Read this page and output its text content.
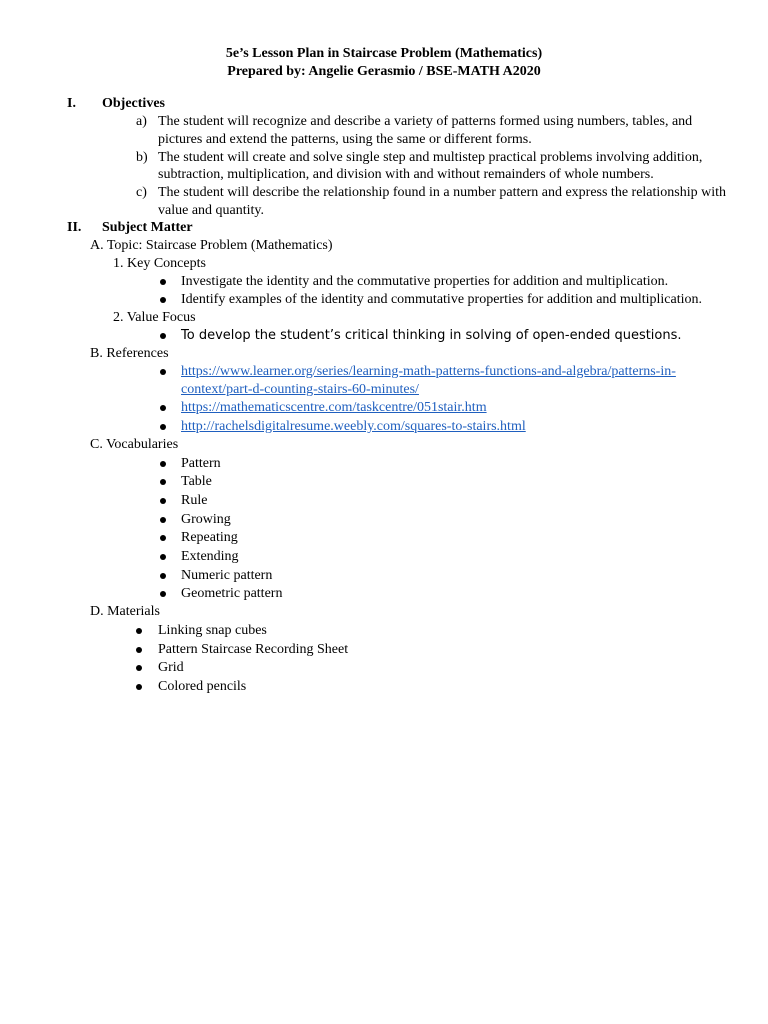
5e’s Lesson Plan in Staircase Problem (Mathematics)
Prepared by: Angelie Gerasmio / BSE-MATH A2020
I. Objectives
a) The student will recognize and describe a variety of patterns formed using numbers, tables, and
pictures and extend the patterns, using the same or different forms.
b) The student will create and solve single step and multistep practical problems involving addition,
subtraction, multiplication, and division with and without remainders of whole numbers.
c) The student will describe the relationship found in a number pattern and express the relationship with
value and quantity.
II. Subject Matter
A. Topic: Staircase Problem (Mathematics)
1. Key Concepts
Investigate the identity and the commutative properties for addition and multiplication.
Identify examples of the identity and commutative properties for addition and multiplication.
2. Value Focus
To develop the student’s critical thinking in solving of open-ended questions.
B. References
https://www.learner.org/series/learning-math-patterns-functions-and-algebra/patterns-in-
context/part-d-counting-stairs-60-minutes/
https://mathematicscentre.com/taskcentre/051stair.htm
http://rachelsdigitalresume.weebly.com/squares-to-stairs.html
C. Vocabularies
Pattern
Table
Rule
Growing
Repeating
Extending
Numeric pattern
Geometric pattern
D. Materials
Linking snap cubes
Pattern Staircase Recording Sheet
Grid
Colored pencils
